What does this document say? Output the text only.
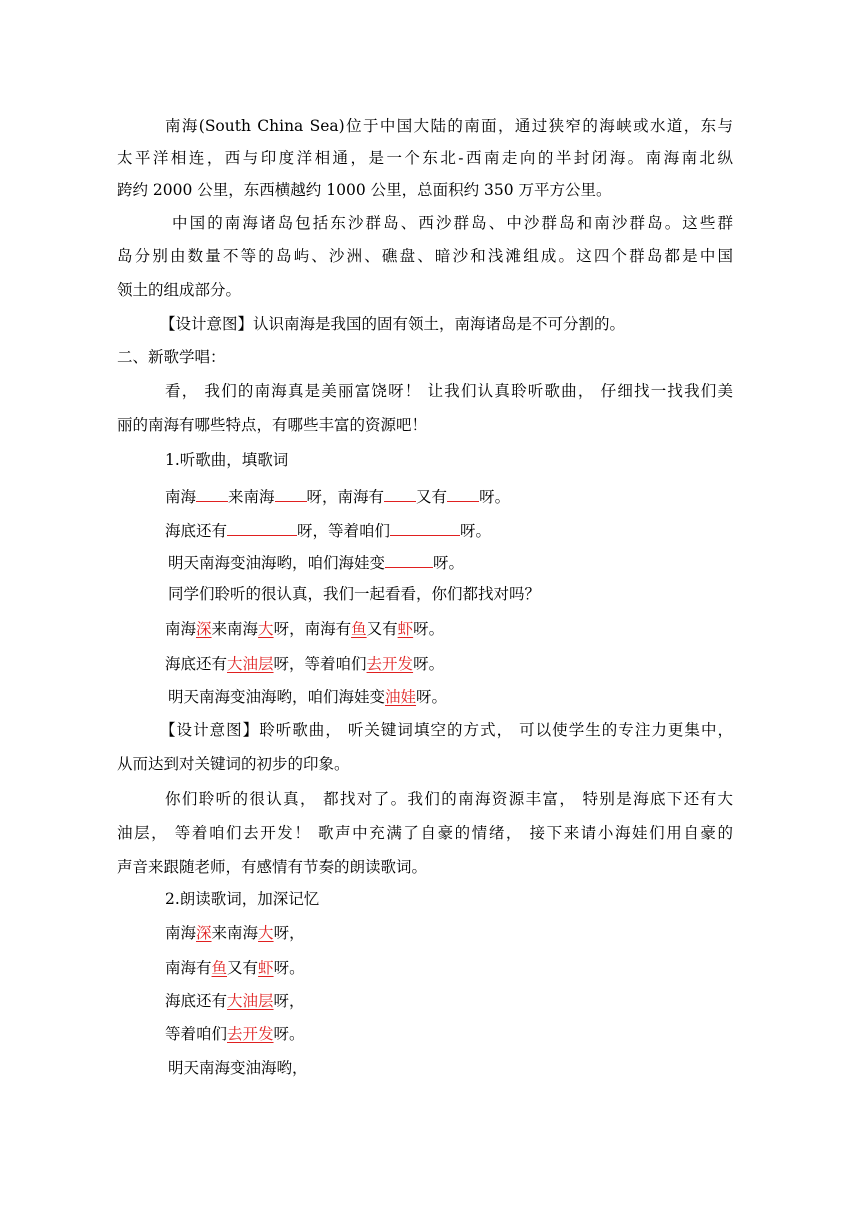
南海(South China Sea)位于中国大陆的南面，通过狭窄的海峡或水道，东与
太平洋相连，西与印度洋相通，是一个东北-西南走向的半封闭海。南海南北纵
跨约 2000 公里，东西横越约 1000 公里，总面积约 350 万平方公里。
中国的南海诸岛包括东沙群岛、西沙群岛、中沙群岛和南沙群岛。这些群
岛分别由数量不等的岛屿、沙洲、礁盘、暗沙和浅滩组成。这四个群岛都是中国
领土的组成部分。
【设计意图】认识南海是我国的固有领土，南海诸岛是不可分割的。
二、新歌学唱：
看， 我们的南海真是美丽富饶呀！ 让我们认真聆听歌曲， 仔细找一找我们美
丽的南海有哪些特点，有哪些丰富的资源吧！
1.听歌曲，填歌词
南海 来南海 呀，南海有 又有 呀。
海底还有	呀，等着咱们	呀。
明天南海变油海哟，咱们海娃变	呀。
同学们聆听的很认真，我们一起看看，你们都找对吗？
南海深来南海大呀，南海有鱼又有虾呀。
海底还有大油层呀，等着咱们去开发呀。
明天南海变油海哟，咱们海娃变油娃呀。
【设计意图】聆听歌曲， 听关键词填空的方式， 可以使学生的专注力更集中，
从而达到对关键词的初步的印象。
你们聆听的很认真， 都找对了。我们的南海资源丰富， 特别是海底下还有大
油层， 等着咱们去开发！ 歌声中充满了自豪的情绪， 接下来请小海娃们用自豪的
声音来跟随老师，有感情有节奏的朗读歌词。
2.朗读歌词，加深记忆
南海深来南海大呀，
南海有鱼又有虾呀。
海底还有大油层呀，
等着咱们去开发呀。
明天南海变油海哟，
